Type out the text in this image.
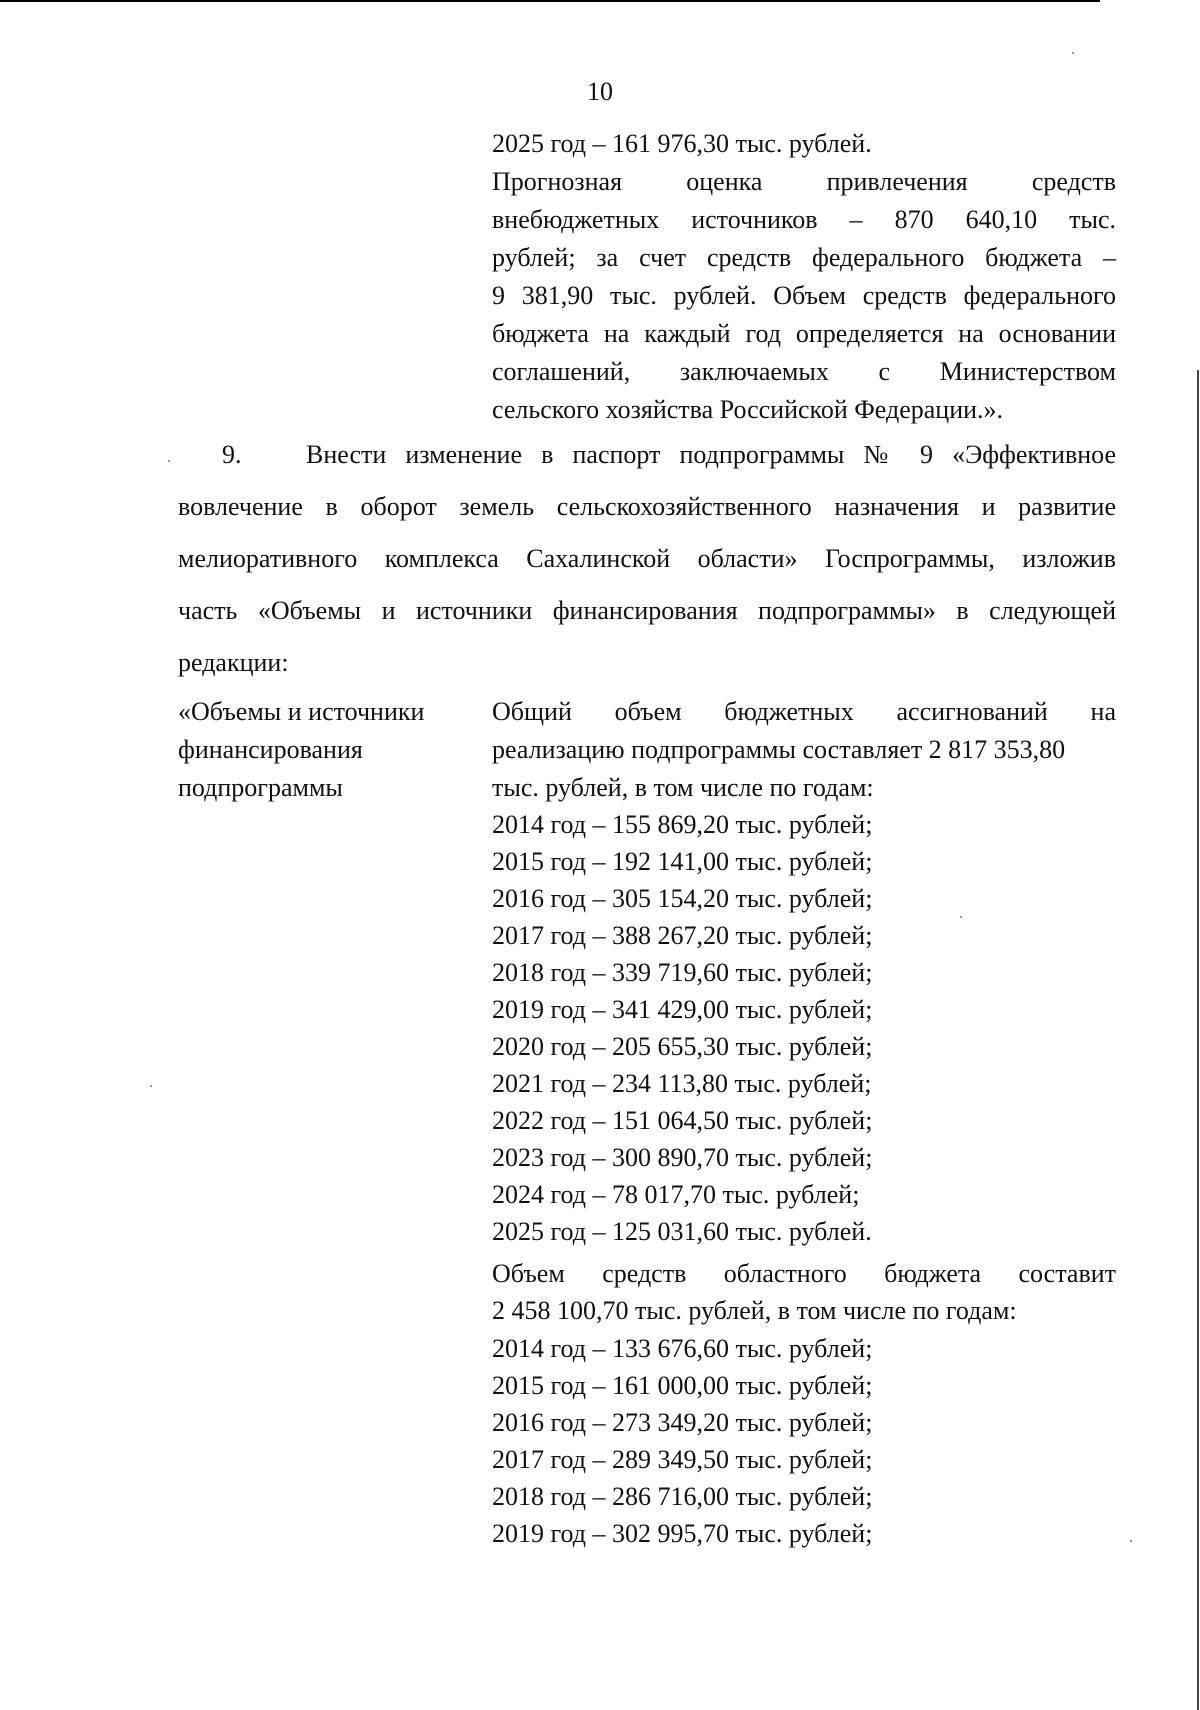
10
2025 год – 161 976,30 тыс. рублей.
Прогнозная оценка привлечения средств
внебюджетных источников – 870 640,10 тыс.
рублей; за счет средств федерального бюджета –
9 381,90 тыс. рублей. Объем средств федерального
бюджета на каждый год определяется на основании
соглашений, заключаемых с Министерством
сельского хозяйства Российской Федерации.».
9. Внести изменение в паспорт подпрограммы № 9 «Эффективное
вовлечение в оборот земель сельскохозяйственного назначения и развитие
мелиоративного комплекса Сахалинской области» Госпрограммы, изложив
часть «Объемы и источники финансирования подпрограммы» в следующей
редакции:
«Объемы и источники
финансирования
подпрограммы
Общий объем бюджетных ассигнований на
реализацию подпрограммы составляет 2 817 353,80
тыс. рублей, в том числе по годам:
2014 год – 155 869,20 тыс. рублей;
2015 год – 192 141,00 тыс. рублей;
2016 год – 305 154,20 тыс. рублей;
2017 год – 388 267,20 тыс. рублей;
2018 год – 339 719,60 тыс. рублей;
2019 год – 341 429,00 тыс. рублей;
2020 год – 205 655,30 тыс. рублей;
2021 год – 234 113,80 тыс. рублей;
2022 год – 151 064,50 тыс. рублей;
2023 год – 300 890,70 тыс. рублей;
2024 год – 78 017,70 тыс. рублей;
2025 год – 125 031,60 тыс. рублей.
Объем средств областного бюджета составит
2 458 100,70 тыс. рублей, в том числе по годам:
2014 год – 133 676,60 тыс. рублей;
2015 год – 161 000,00 тыс. рублей;
2016 год – 273 349,20 тыс. рублей;
2017 год – 289 349,50 тыс. рублей;
2018 год – 286 716,00 тыс. рублей;
2019 год – 302 995,70 тыс. рублей;
